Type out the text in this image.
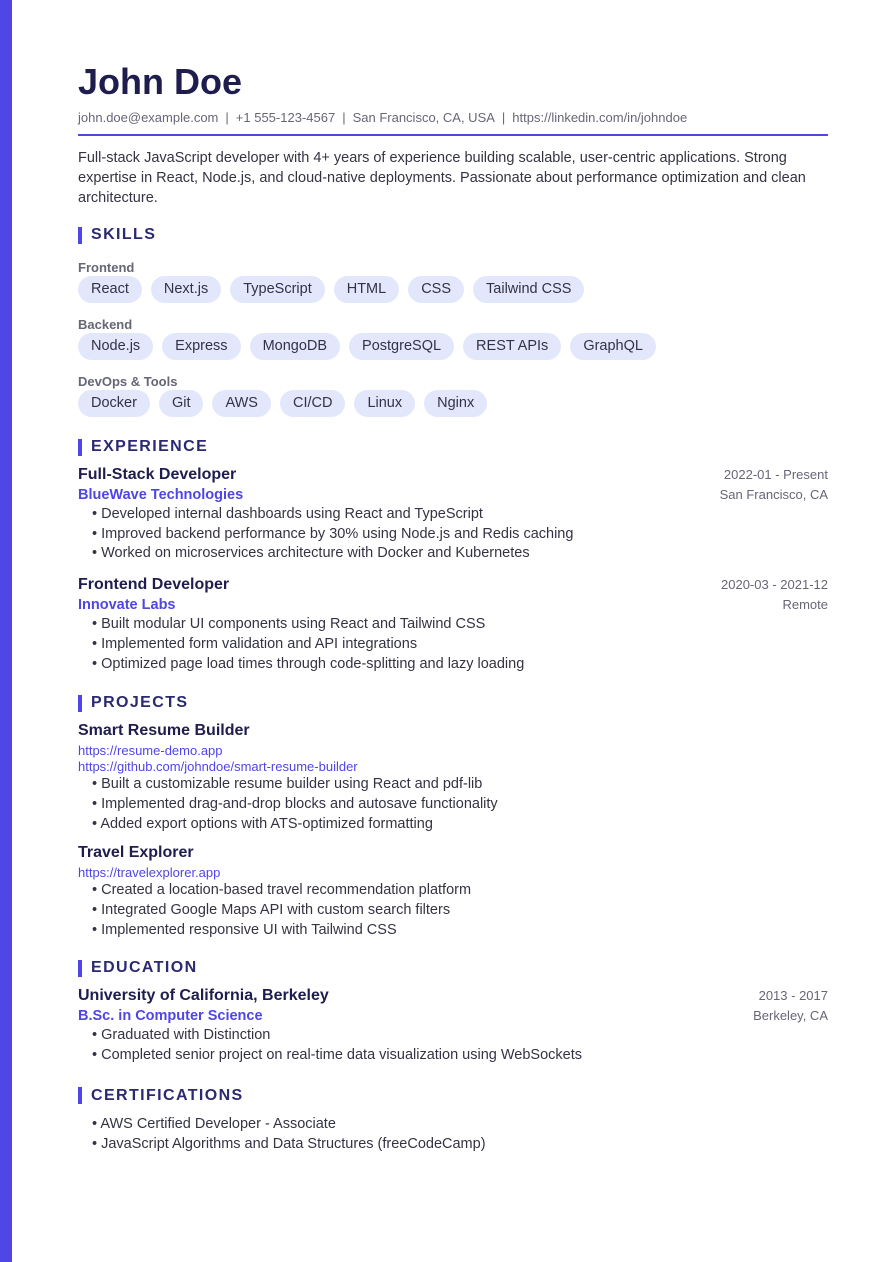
John Doe
john.doe@example.com | +1 555-123-4567 | San Francisco, CA, USA | https://linkedin.com/in/johndoe
Full-stack JavaScript developer with 4+ years of experience building scalable, user-centric applications. Strong expertise in React, Node.js, and cloud-native deployments. Passionate about performance optimization and clean architecture.
SKILLS
Frontend
React	Next.js	TypeScript	HTML	CSS	Tailwind CSS
Backend
Node.js	Express	MongoDB	PostgreSQL	REST APIs	GraphQL
DevOps & Tools
Docker	Git	AWS	CI/CD	Linux	Nginx
EXPERIENCE
Full-Stack Developer	2022-01 - Present
BlueWave Technologies	San Francisco, CA
• Developed internal dashboards using React and TypeScript
• Improved backend performance by 30% using Node.js and Redis caching
• Worked on microservices architecture with Docker and Kubernetes
Frontend Developer	2020-03 - 2021-12
Innovate Labs	Remote
• Built modular UI components using React and Tailwind CSS
• Implemented form validation and API integrations
• Optimized page load times through code-splitting and lazy loading
PROJECTS
Smart Resume Builder
https://resume-demo.app
https://github.com/johndoe/smart-resume-builder
• Built a customizable resume builder using React and pdf-lib
• Implemented drag-and-drop blocks and autosave functionality
• Added export options with ATS-optimized formatting
Travel Explorer
https://travelexplorer.app
• Created a location-based travel recommendation platform
• Integrated Google Maps API with custom search filters
• Implemented responsive UI with Tailwind CSS
EDUCATION
University of California, Berkeley	2013 - 2017
B.Sc. in Computer Science	Berkeley, CA
• Graduated with Distinction
• Completed senior project on real-time data visualization using WebSockets
CERTIFICATIONS
• AWS Certified Developer - Associate
• JavaScript Algorithms and Data Structures (freeCodeCamp)
